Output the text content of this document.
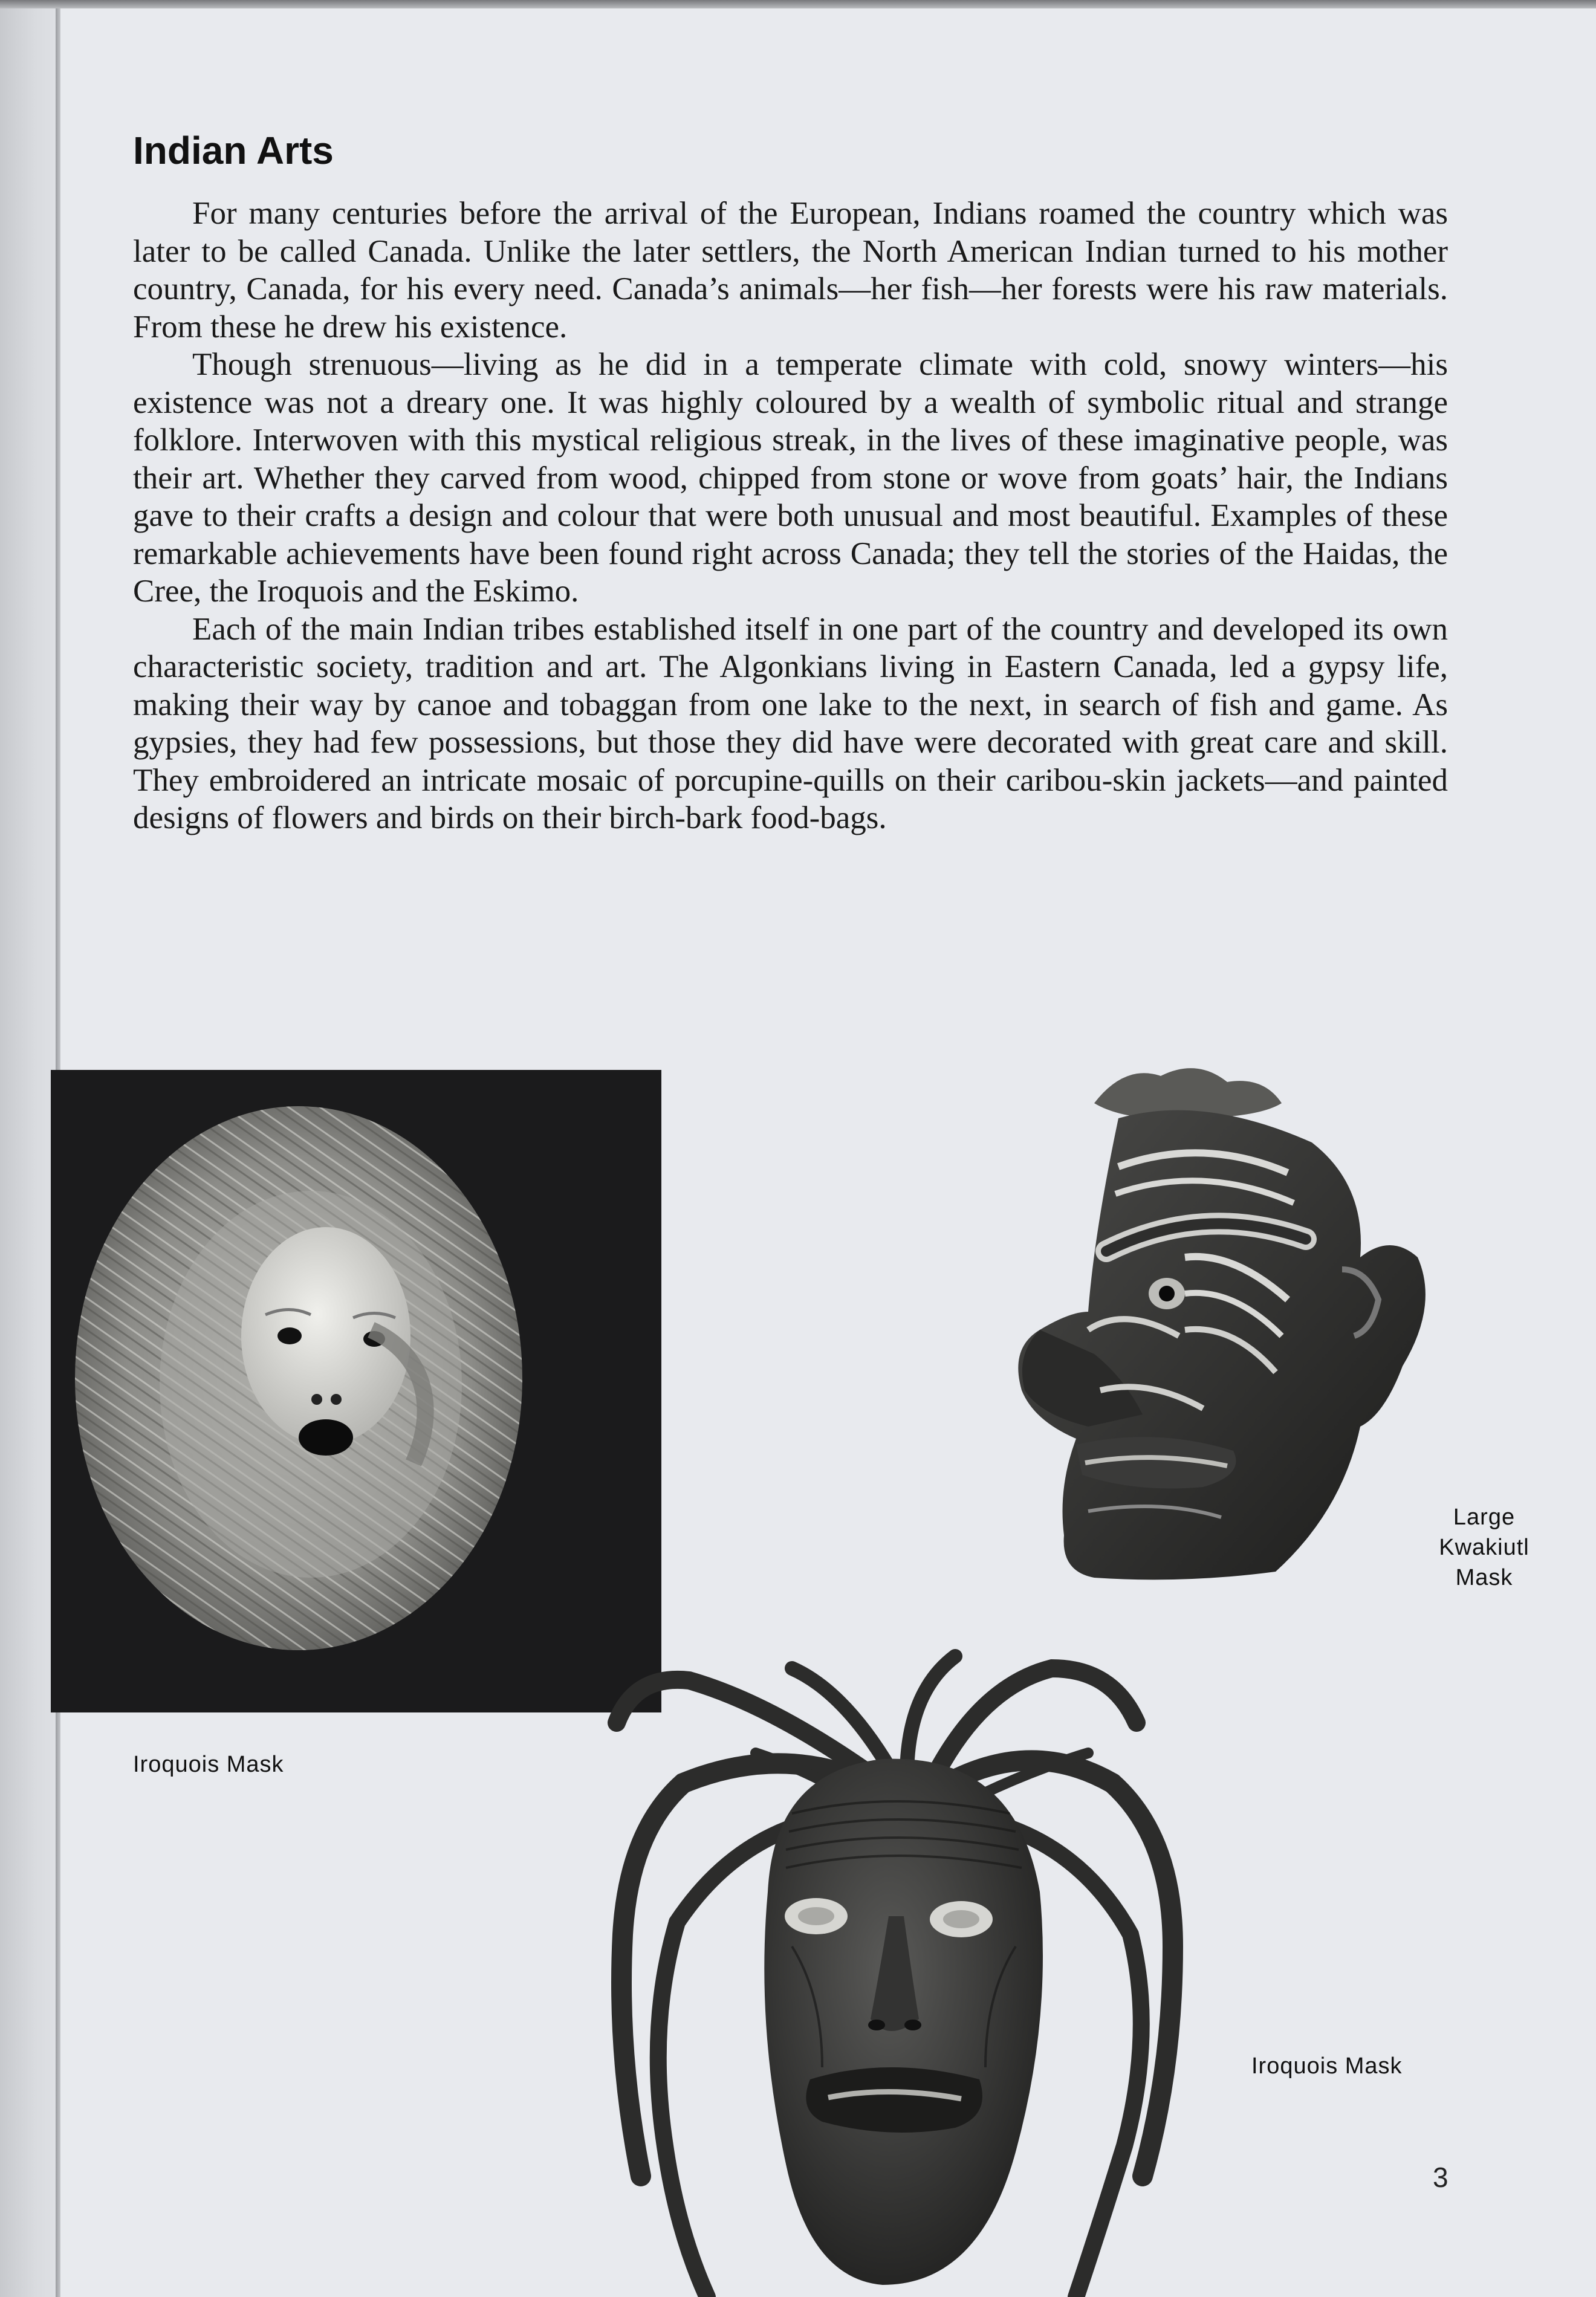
Indian Arts

For many centuries before the arrival of the European, Indians roamed the country which was later to be called Canada. Unlike the later settlers, the North American Indian turned to his mother country, Canada, for his every need. Canada’s animals—her fish—her forests were his raw materials. From these he drew his existence.

Though strenuous—living as he did in a temperate climate with cold, snowy winters—his existence was not a dreary one. It was highly coloured by a wealth of symbolic ritual and strange folklore. Interwoven with this mystical religious streak, in the lives of these imaginative people, was their art. Whether they carved from wood, chipped from stone or wove from goats’ hair, the Indians gave to their crafts a design and colour that were both unusual and most beautiful. Examples of these remarkable achievements have been found right across Canada; they tell the stories of the Haidas, the Cree, the Iroquois and the Eskimo.

Each of the main Indian tribes established itself in one part of the country and developed its own characteristic society, tradition and art. The Algonkians living in Eastern Canada, led a gypsy life, making their way by canoe and tobaggan from one lake to the next, in search of fish and game. As gypsies, they had few possessions, but those they did have were decorated with great care and skill. They embroidered an intricate mosaic of porcupine-quills on their caribou-skin jackets—and painted designs of flowers and birds on their birch-bark food-bags.

Iroquois Mask
Large
Kwakiutl
Mask
Iroquois Mask
3
